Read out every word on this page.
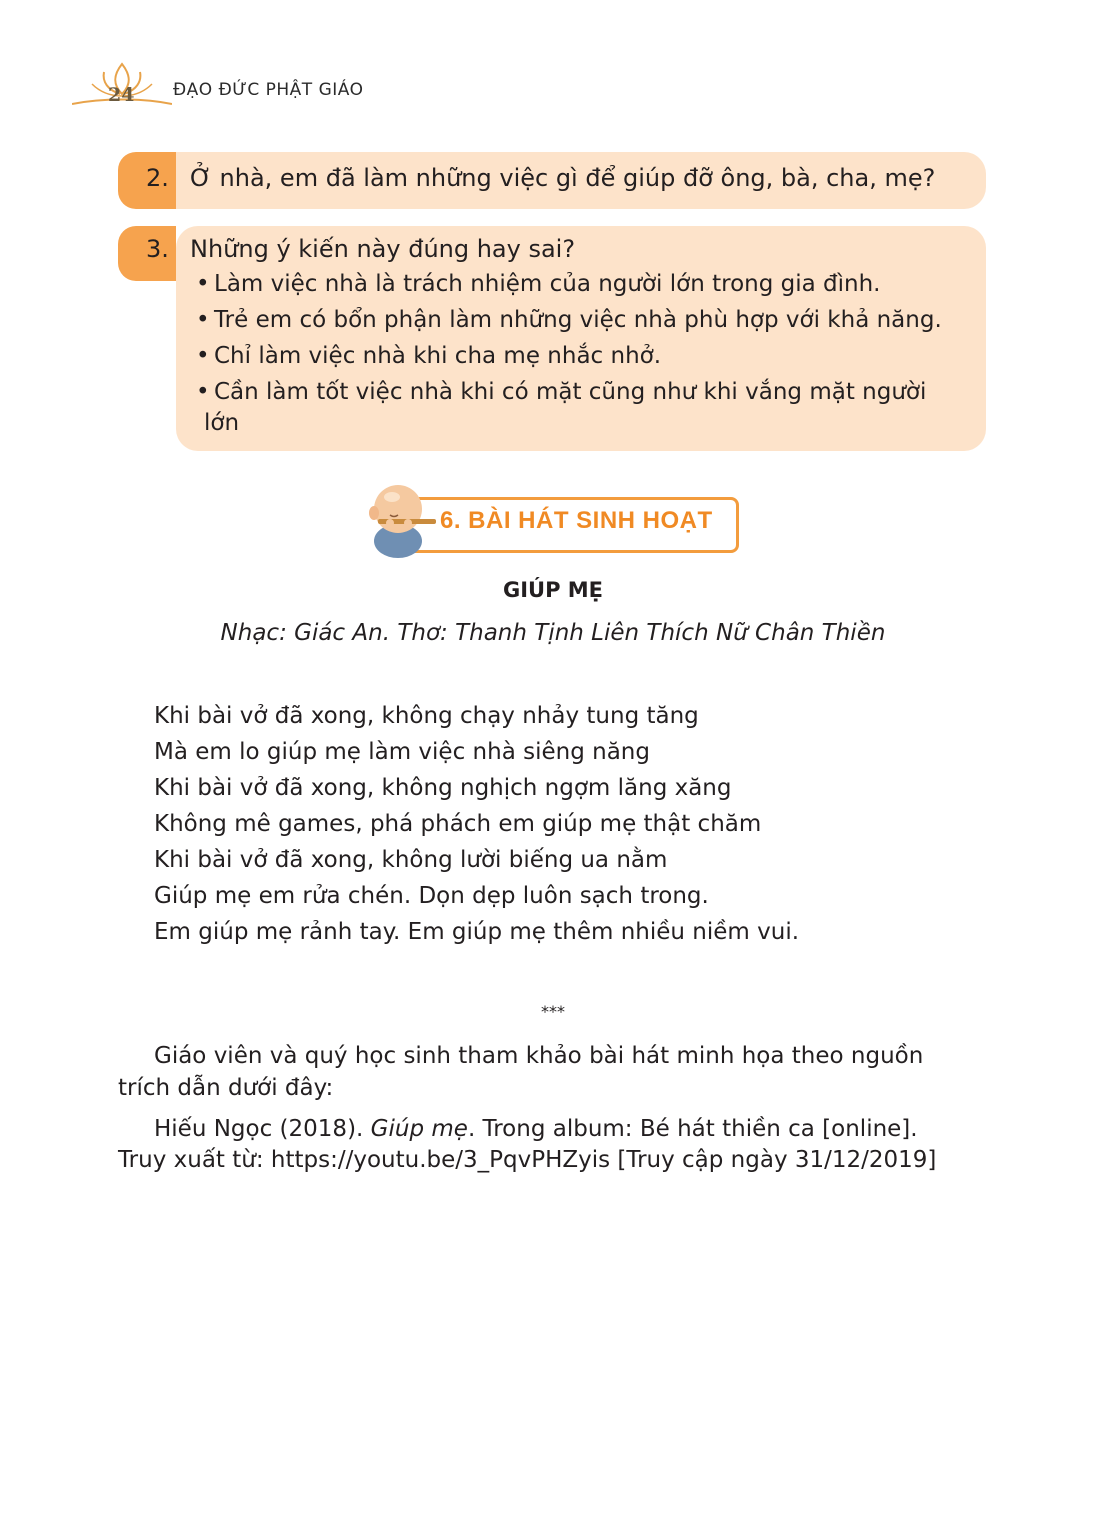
24 ĐẠO ĐỨC PHẬT GIÁO
2. Ở nhà, em đã làm những việc gì để giúp đỡ ông, bà, cha, mẹ?
3. Những ý kiến này đúng hay sai?
• Làm việc nhà là trách nhiệm của người lớn trong gia đình.
• Trẻ em có bổn phận làm những việc nhà phù hợp với khả năng.
• Chỉ làm việc nhà khi cha mẹ nhắc nhở.
• Cần làm tốt việc nhà khi có mặt cũng như khi vắng mặt người
lớn
6. BÀI HÁT SINH HOẠT
GIÚP MẸ
Nhạc: Giác An. Thơ: Thanh Tịnh Liên Thích Nữ Chân Thiền
Khi bài vở đã xong, không chạy nhảy tung tăng
Mà em lo giúp mẹ làm việc nhà siêng năng
Khi bài vở đã xong, không nghịch ngợm lăng xăng
Không mê games, phá phách em giúp mẹ thật chăm
Khi bài vở đã xong, không lười biếng ua nằm
Giúp mẹ em rửa chén. Dọn dẹp luôn sạch trong.
Em giúp mẹ rảnh tay. Em giúp mẹ thêm nhiều niềm vui.
***
Giáo viên và quý học sinh tham khảo bài hát minh họa theo nguồn
trích dẫn dưới đây:
Hiếu Ngọc (2018). Giúp mẹ. Trong album: Bé hát thiền ca [online].
Truy xuất từ: https://youtu.be/3_PqvPHZyis [Truy cập ngày 31/12/2019]
